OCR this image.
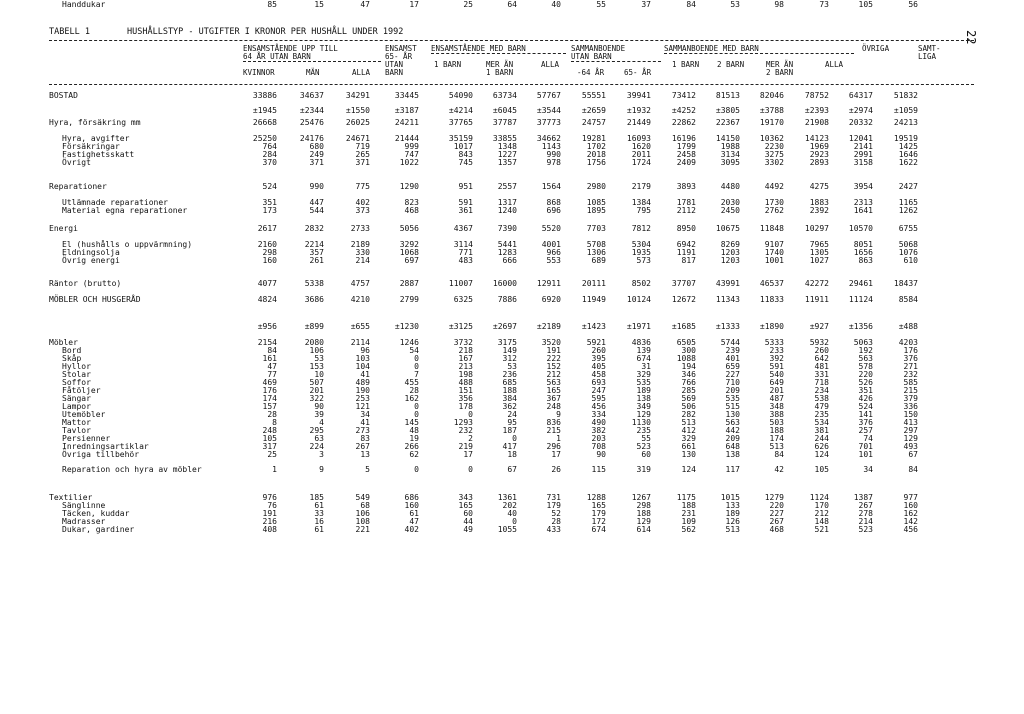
TABELL 1	HUSHÅLLSTYP - UTGIFTER I KRONOR PER HUSHÅLL UNDER 1992	22
ENSAMSTÅENDE UPP TILL
64 ÅR UTAN BARN
ENSAMST
65- ÅR
ENSAMSTÅENDE MED BARN	SAMMANBOENDE
UTAN BARN
SAMMANBOENDE MED BARN	ÖVRIGA	SAMT-
LIGA
KVINNOR	MÄN	ALLA
UTAN
BARN
1 BARN	MER ÄN
1 BARN
ALLA
-64 ÅR	65- ÅR
1 BARN 2 BARN	MER ÄN
2 BARN
ALLA
BOSTAD	33886	34637	34291	33445	54090	63734	57767	55551	39941	73412	81513	82046	78752	64317	51832
±1945	±2344	±1550	±3187	±4214	±6045	±3544	±2659	±1932	±4252	±3805	±3788	±2393	±2974	±1059
Hyra, försäkring mm	26668	25476	26025	24211	37765	37787	37773	24757	21449	22862	22367	19170	21908	20332	24213
Hyra, avgifter	25250	24176	24671	21444	35159	33855	34662	19281	16093	16196	14150	10362	14123	12041	19519
Försäkringar	764	680	719	999	1017	1348	1143	1702	1620	1799	1988	2230	1969	2141	1425
Fastighetsskatt	284	249	265	747	843	1227	990	2018	2011	2458	3134	3275	2923	2991	1646
Övrigt	370	371	371	1022	745	1357	978	1756	1724	2409	3095	3302	2893	3158	1622
Reparationer	524	990	775	1290	951	2557	1564	2980	2179	3893	4480	4492	4275	3954	2427
Utlämnade reparationer	351	447	402	823	591	1317	868	1085	1384	1781	2030	1730	1883	2313	1165
Material egna reparationer	173	544	373	468	361	1240	696	1895	795	2112	2450	2762	2392	1641	1262
Energi	2617	2832	2733	5056	4367	7390	5520	7703	7812	8950	10675	11848	10297	10570	6755
El (hushålls o uppvärmning)	2160	2214	2189	3292	3114	5441	4001	5708	5304	6942	8269	9107	7965	8051	5068
Eldningsolja	298	357	330	1068	771	1283	966	1306	1935	1191	1203	1740	1305	1656	1076
Övrig energi	160	261	214	697	483	666	553	689	573	817	1203	1001	1027	863	610
Räntor (brutto)	4077	5338	4757	2887	11007	16000	12911	20111	8502	37707	43991	46537	42272	29461	18437
MÖBLER OCH HUSGERÅD	4824	3686	4210	2799	6325	7886	6920	11949	10124	12672	11343	11833	11911	11124	8584
±956	±899	±655	±1230	±3125	±2697	±2189	±1423	±1971	±1685	±1333	±1890	±927	±1356	±488
Möbler	2154	2080	2114	1246	3732	3175	3520	5921	4836	6505	5744	5333	5932	5063	4203
Bord	84	106	96	54	218	149	191	260	139	300	239	233	260	192	176
Skåp	161	53	103	0	167	312	222	395	674	1088	401	392	642	563	376
Hyllor	47	153	104	0	213	53	152	405	31	194	659	591	481	578	271
Stolar	77	10	41	7	198	236	212	458	329	346	227	540	331	220	232
Soffor	469	507	489	455	488	685	563	693	535	766	710	649	718	526	585
Fåtöljer	176	201	190	28	151	188	165	247	189	285	209	201	234	351	215
Sängar	174	322	253	162	356	384	367	595	138	569	535	487	538	426	379
Lampor	157	90	121	0	178	362	248	456	349	506	515	348	479	524	336
Utemöbler	28	39	34	0	0	24	9	334	129	282	130	388	235	141	150
Mattor	8	4	41	145	1293	95	836	490	1130	513	563	503	534	376	413
Tavlor	248	295	273	48	232	187	215	382	235	412	442	188	381	257	297
Persienner	105	63	83	19	2	0	1	203	55	329	209	174	244	74	129
Inredningsartiklar	317	224	267	266	219	417	296	708	523	661	648	513	626	701	493
Övriga tillbehör	25	3	13	62	17	18	17	90	60	130	138	84	124	101	67
Reparation och hyra av möbler	1	9	5	0	0	67	26	115	319	124	117	42	105	34	84
Textilier	976	185	549	686	343	1361	731	1288	1267	1175	1015	1279	1124	1387	977
Sänglinne	76	61	68	160	165	202	179	165	298	188	133	220	170	267	160
Täcken, kuddar	191	33	106	61	60	40	52	179	188	231	189	227	212	278	162
Madrasser	216	16	108	47	44	0	28	172	129	109	126	267	148	214	142
Dukar, gardiner	408	61	221	402	49	1055	433	674	614	562	513	468	521	523	456
Handdukar	85	15	47	17	25	64	40	55	37	84	53	98	73	105	56
